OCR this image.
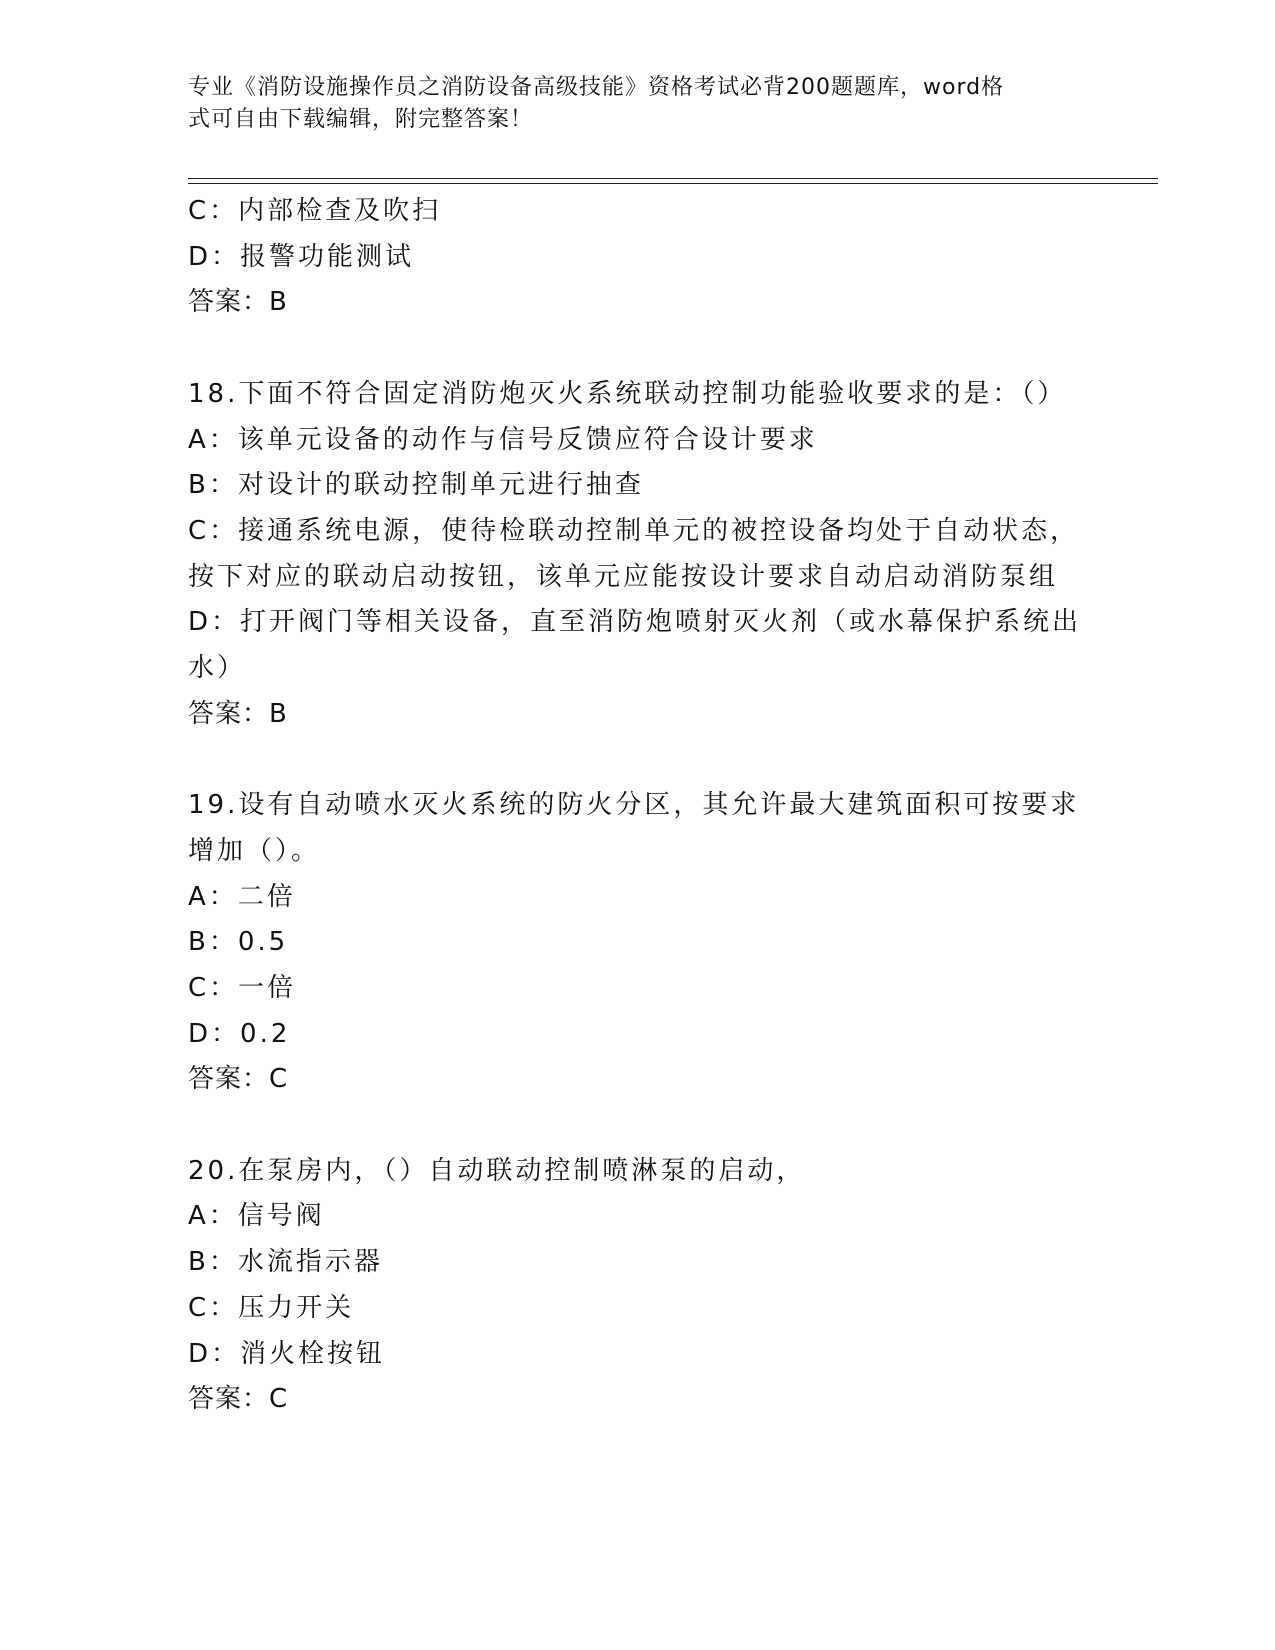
专业《消防设施操作员之消防设备高级技能》资格考试必背200题题库，word格
式可自由下载编辑，附完整答案！
C：内部检查及吹扫
D：报警功能测试
答案：B
18.下面不符合固定消防炮灭火系统联动控制功能验收要求的是：（）
A：该单元设备的动作与信号反馈应符合设计要求
B：对设计的联动控制单元进行抽查
C：接通系统电源，使待检联动控制单元的被控设备均处于自动状态，
按下对应的联动启动按钮，该单元应能按设计要求自动启动消防泵组
D：打开阀门等相关设备，直至消防炮喷射灭火剂（或水幕保护系统出
水）
答案：B
19.设有自动喷水灭火系统的防火分区，其允许最大建筑面积可按要求
增加（）。
A：二倍
B：0.5
C：一倍
D：0.2
答案：C
20.在泵房内，（）自动联动控制喷淋泵的启动，
A：信号阀
B：水流指示器
C：压力开关
D：消火栓按钮
答案：C
